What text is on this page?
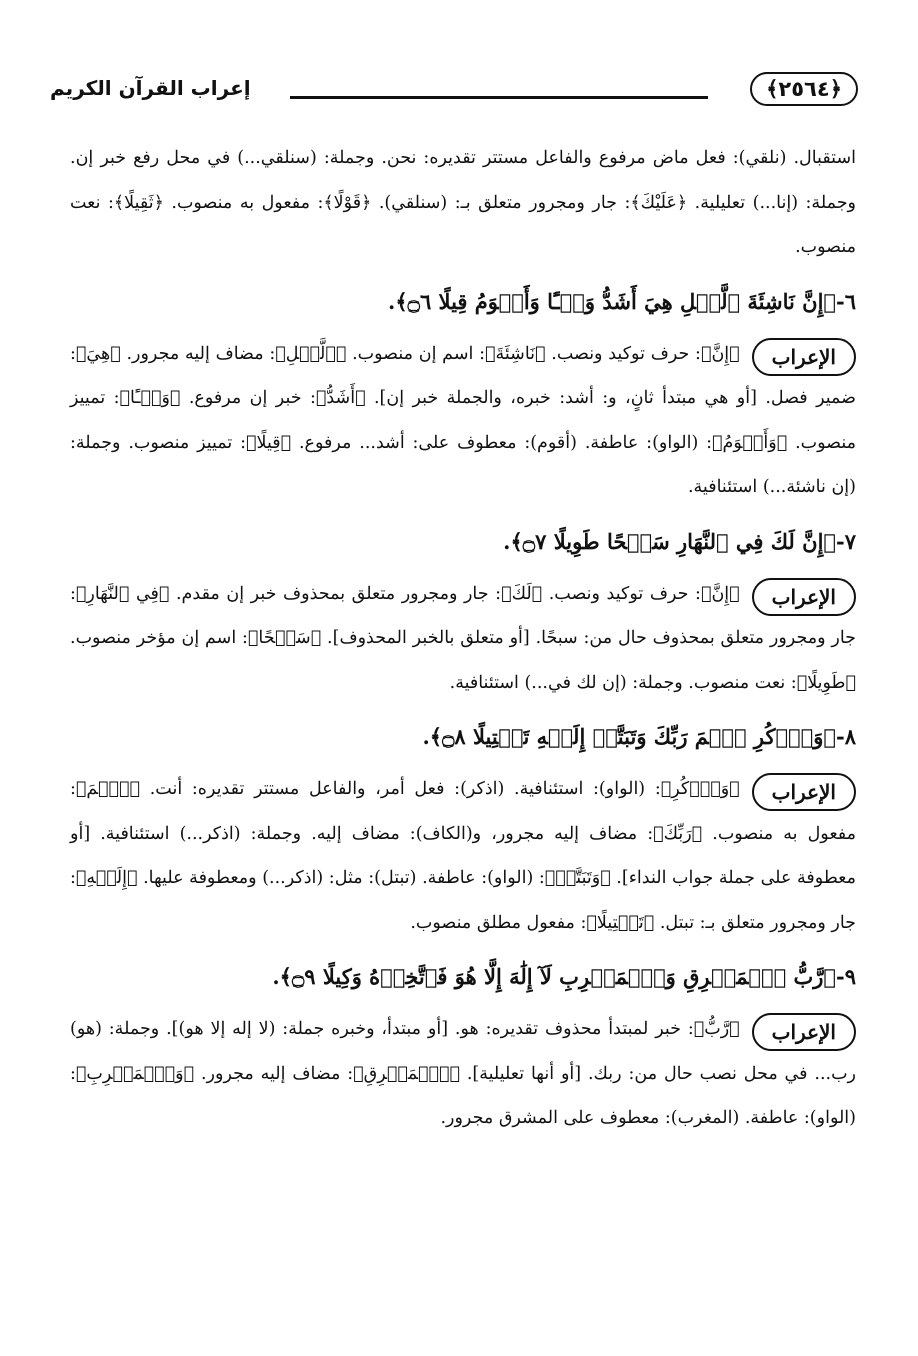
﴿٢٥٦٤﴾
إعراب القرآن الكريم

استقبال. (نلقي): فعل ماض مرفوع والفاعل مستتر تقديره: نحن. وجملة: (سنلقي...) في محل رفع خبر إن. وجملة: (إنا...) تعليلية. ﴿عَلَيْكَ﴾: جار ومجرور متعلق بـ: (سنلقي). ﴿قَوْلًا﴾: مفعول به منصوب. ﴿ثَقِيلًا﴾: نعت منصوب.

٦-﴿إِنَّ نَاشِئَةَ ٱلَّيۡلِ هِيَ أَشَدُّ وَطۡـًٔا وَأَقۡوَمُ قِيلًا ۝٦﴾.

الإعراب
﴿إِنَّ﴾: حرف توكيد ونصب. ﴿نَاشِئَةَ﴾: اسم إن منصوب. ﴿ٱلَّيۡلِ﴾: مضاف إليه مجرور. ﴿هِيَ﴾: ضمير فصل. [أو هي مبتدأ ثانٍ، و: أشد: خبره، والجملة خبر إن]. ﴿أَشَدُّ﴾: خبر إن مرفوع. ﴿وَطۡـًٔا﴾: تمييز منصوب. ﴿وَأَقۡوَمُ﴾: (الواو): عاطفة. (أقوم): معطوف على: أشد... مرفوع. ﴿قِيلًا﴾: تمييز منصوب. وجملة: (إن ناشئة...) استئنافية.

٧-﴿إِنَّ لَكَ فِي ٱلنَّهَارِ سَبۡحًا طَوِيلًا ۝٧﴾.

الإعراب
﴿إِنَّ﴾: حرف توكيد ونصب. ﴿لَكَ﴾: جار ومجرور متعلق بمحذوف خبر إن مقدم. ﴿فِي ٱلنَّهَارِ﴾: جار ومجرور متعلق بمحذوف حال من: سبحًا. [أو متعلق بالخبر المحذوف]. ﴿سَبۡحًا﴾: اسم إن مؤخر منصوب. ﴿طَوِيلًا﴾: نعت منصوب. وجملة: (إن لك في...) استئنافية.

٨-﴿وَٱذۡكُرِ ٱسۡمَ رَبِّكَ وَتَبَتَّلۡ إِلَيۡهِ تَبۡتِيلًا ۝٨﴾.

الإعراب
﴿وَٱذۡكُرِ﴾: (الواو): استئنافية. (اذكر): فعل أمر، والفاعل مستتر تقديره: أنت. ﴿ٱسۡمَ﴾: مفعول به منصوب. ﴿رَبِّكَ﴾: مضاف إليه مجرور، و(الكاف): مضاف إليه. وجملة: (اذكر...) استئنافية. [أو معطوفة على جملة جواب النداء]. ﴿وَتَبَتَّلۡ﴾: (الواو): عاطفة. (تبتل): مثل: (اذكر...) ومعطوفة عليها. ﴿إِلَيۡهِ﴾: جار ومجرور متعلق بـ: تبتل. ﴿تَبۡتِيلًا﴾: مفعول مطلق منصوب.

٩-﴿رَّبُّ ٱلۡمَشۡرِقِ وَٱلۡمَغۡرِبِ لَآ إِلَٰهَ إِلَّا هُوَ فَٱتَّخِذۡهُ وَكِيلًا ۝٩﴾.

الإعراب
﴿رَّبُّ﴾: خبر لمبتدأ محذوف تقديره: هو. [أو مبتدأ، وخبره جملة: (لا إله إلا هو)]. وجملة: (هو) رب... في محل نصب حال من: ربك. [أو أنها تعليلية]. ﴿ٱلۡمَشۡرِقِ﴾: مضاف إليه مجرور. ﴿وَٱلۡمَغۡرِبِ﴾: (الواو): عاطفة. (المغرب): معطوف على المشرق مجرور.
